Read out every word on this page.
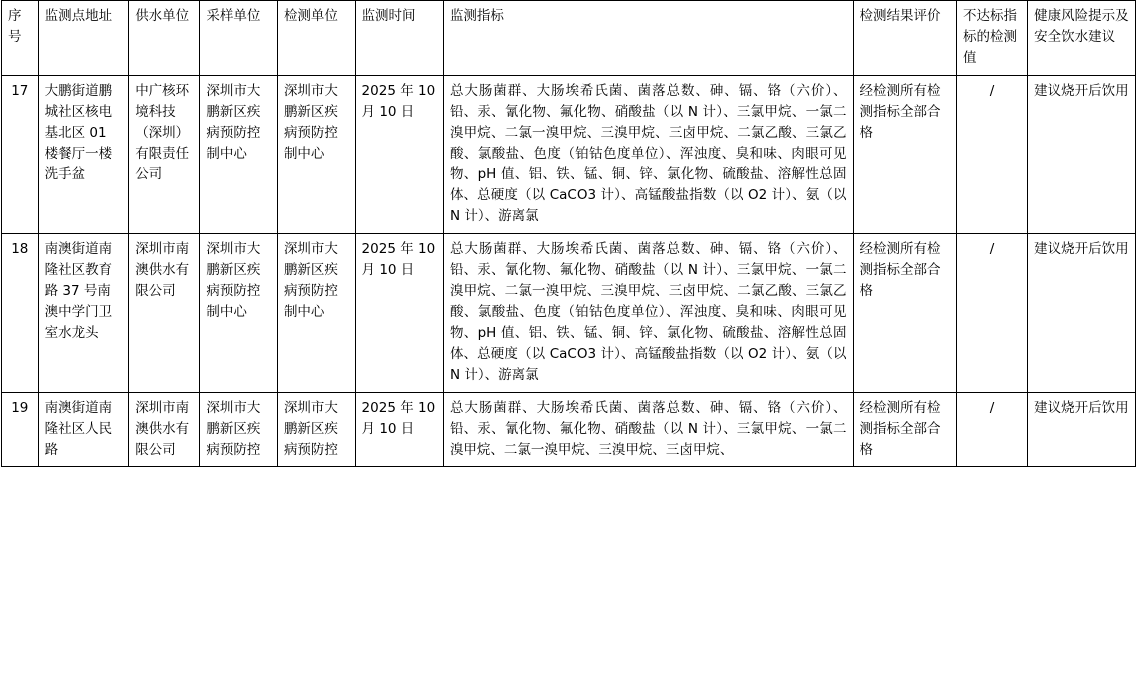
序号	监测点地址	供水单位	采样单位	检测单位	监测时间	监测指标	检测结果评价	不达标指标的检测值	健康风险提示及安全饮水建议
17	大鹏街道鹏城社区核电基北区 01 楼餐厅一楼洗手盆	中广核环境科技（深圳）有限责任公司	深圳市大鹏新区疾病预防控制中心	深圳市大鹏新区疾病预防控制中心	2025 年 10 月 10 日	总大肠菌群、大肠埃希氏菌、菌落总数、砷、镉、铬（六价）、铅、汞、氰化物、氟化物、硝酸盐（以 N 计）、三氯甲烷、一氯二溴甲烷、二氯一溴甲烷、三溴甲烷、三卤甲烷、二氯乙酸、三氯乙酸、氯酸盐、色度（铂钴色度单位）、浑浊度、臭和味、肉眼可见物、pH 值、铝、铁、锰、铜、锌、氯化物、硫酸盐、溶解性总固体、总硬度（以 CaCO3 计）、高锰酸盐指数（以 O2 计）、氨（以 N 计）、游离氯	经检测所有检测指标全部合格	/	建议烧开后饮用
18	南澳街道南隆社区教育路 37 号南澳中学门卫室水龙头	深圳市南澳供水有限公司	深圳市大鹏新区疾病预防控制中心	深圳市大鹏新区疾病预防控制中心	2025 年 10 月 10 日	总大肠菌群、大肠埃希氏菌、菌落总数、砷、镉、铬（六价）、铅、汞、氰化物、氟化物、硝酸盐（以 N 计）、三氯甲烷、一氯二溴甲烷、二氯一溴甲烷、三溴甲烷、三卤甲烷、二氯乙酸、三氯乙酸、氯酸盐、色度（铂钴色度单位）、浑浊度、臭和味、肉眼可见物、pH 值、铝、铁、锰、铜、锌、氯化物、硫酸盐、溶解性总固体、总硬度（以 CaCO3 计）、高锰酸盐指数（以 O2 计）、氨（以 N 计）、游离氯	经检测所有检测指标全部合格	/	建议烧开后饮用
19	南澳街道南隆社区人民路	深圳市南澳供水有限公司	深圳市大鹏新区疾病预防控	深圳市大鹏新区疾病预防控	2025 年 10 月 10 日	总大肠菌群、大肠埃希氏菌、菌落总数、砷、镉、铬（六价）、铅、汞、氰化物、氟化物、硝酸盐（以 N 计）、三氯甲烷、一氯二溴甲烷、二氯一溴甲烷、三溴甲烷、三卤甲烷、	经检测所有检测指标全部合格	/	建议烧开后饮用
